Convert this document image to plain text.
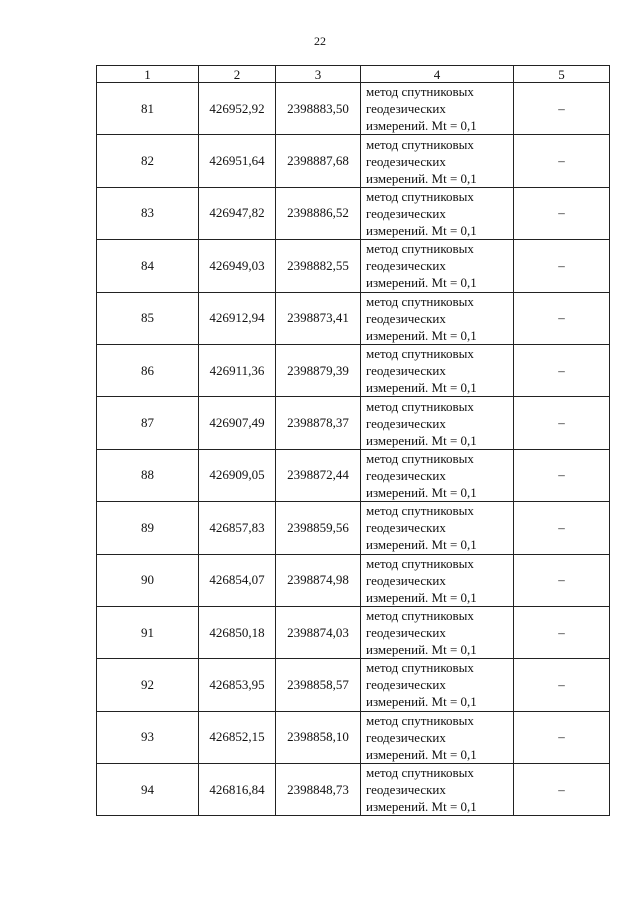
22
1	2	3	4	5
81	426952,92	2398883,50	метод спутниковых
геодезических
измерений. Mt = 0,1	–
82	426951,64	2398887,68	метод спутниковых
геодезических
измерений. Mt = 0,1	–
83	426947,82	2398886,52	метод спутниковых
геодезических
измерений. Mt = 0,1	–
84	426949,03	2398882,55	метод спутниковых
геодезических
измерений. Mt = 0,1	–
85	426912,94	2398873,41	метод спутниковых
геодезических
измерений. Mt = 0,1	–
86	426911,36	2398879,39	метод спутниковых
геодезических
измерений. Mt = 0,1	–
87	426907,49	2398878,37	метод спутниковых
геодезических
измерений. Mt = 0,1	–
88	426909,05	2398872,44	метод спутниковых
геодезических
измерений. Mt = 0,1	–
89	426857,83	2398859,56	метод спутниковых
геодезических
измерений. Mt = 0,1	–
90	426854,07	2398874,98	метод спутниковых
геодезических
измерений. Mt = 0,1	–
91	426850,18	2398874,03	метод спутниковых
геодезических
измерений. Mt = 0,1	–
92	426853,95	2398858,57	метод спутниковых
геодезических
измерений. Mt = 0,1	–
93	426852,15	2398858,10	метод спутниковых
геодезических
измерений. Mt = 0,1	–
94	426816,84	2398848,73	метод спутниковых
геодезических
измерений. Mt = 0,1	–
